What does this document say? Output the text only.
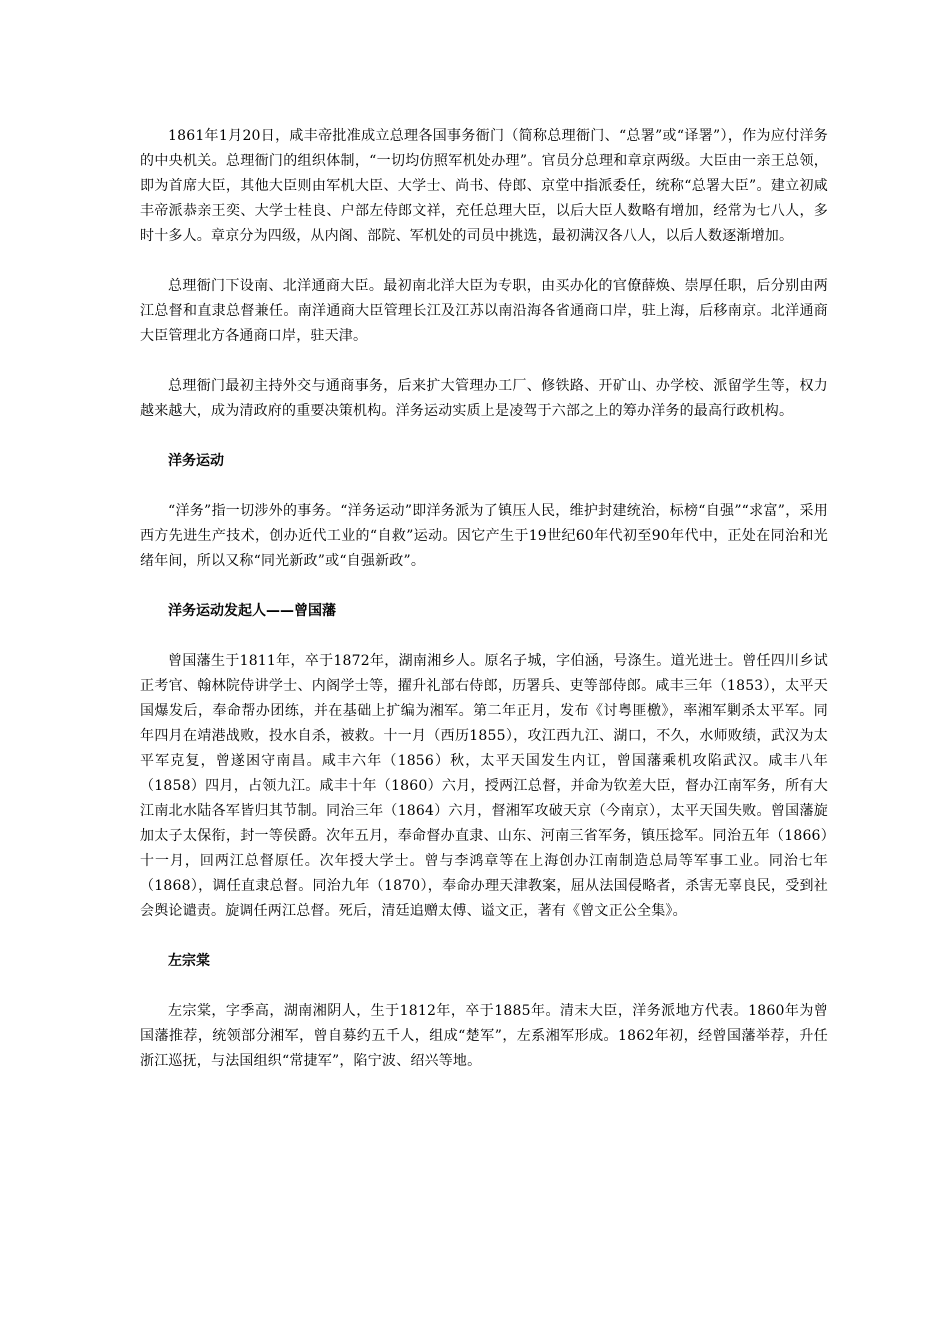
1861年1月20日，咸丰帝批准成立总理各国事务衙门（简称总理衙门、“总署”或“译署”），作为应付洋务的中央机关。总理衙门的组织体制，“一切均仿照军机处办理”。官员分总理和章京两级。大臣由一亲王总领，即为首席大臣，其他大臣则由军机大臣、大学士、尚书、侍郎、京堂中指派委任，统称“总署大臣”。建立初咸丰帝派恭亲王奕、大学士桂良、户部左侍郎文祥，充任总理大臣，以后大臣人数略有增加，经常为七八人，多时十多人。章京分为四级，从内阁、部院、军机处的司员中挑选，最初满汉各八人，以后人数逐渐增加。

总理衙门下设南、北洋通商大臣。最初南北洋大臣为专职，由买办化的官僚薛焕、崇厚任职，后分别由两江总督和直隶总督兼任。南洋通商大臣管理长江及江苏以南沿海各省通商口岸，驻上海，后移南京。北洋通商大臣管理北方各通商口岸，驻天津。

总理衙门最初主持外交与通商事务，后来扩大管理办工厂、修铁路、开矿山、办学校、派留学生等，权力越来越大，成为清政府的重要决策机构。洋务运动实质上是凌驾于六部之上的筹办洋务的最高行政机构。

洋务运动

“洋务”指一切涉外的事务。“洋务运动”即洋务派为了镇压人民，维护封建统治，标榜“自强”“求富”，采用西方先进生产技术，创办近代工业的“自救”运动。因它产生于19世纪60年代初至90年代中，正处在同治和光绪年间，所以又称“同光新政”或“自强新政”。

洋务运动发起人——曾国藩

曾国藩生于1811年，卒于1872年，湖南湘乡人。原名子城，字伯涵，号涤生。道光进士。曾任四川乡试正考官、翰林院侍讲学士、内阁学士等，擢升礼部右侍郎，历署兵、吏等部侍郎。咸丰三年（1853），太平天国爆发后，奉命帮办团练，并在基础上扩编为湘军。第二年正月，发布《讨粤匪檄》，率湘军剿杀太平军。同年四月在靖港战败，投水自杀，被救。十一月（西历1855），攻江西九江、湖口，不久，水师败绩，武汉为太平军克复，曾遂困守南昌。咸丰六年（1856）秋，太平天国发生内讧，曾国藩乘机攻陷武汉。咸丰八年（1858）四月，占领九江。咸丰十年（1860）六月，授两江总督，并命为钦差大臣，督办江南军务，所有大江南北水陆各军皆归其节制。同治三年（1864）六月，督湘军攻破天京（今南京），太平天国失败。曾国藩旋加太子太保衔，封一等侯爵。次年五月，奉命督办直隶、山东、河南三省军务，镇压捻军。同治五年（1866）十一月，回两江总督原任。次年授大学士。曾与李鸿章等在上海创办江南制造总局等军事工业。同治七年（1868），调任直隶总督。同治九年（1870），奉命办理天津教案，屈从法国侵略者，杀害无辜良民，受到社会舆论谴责。旋调任两江总督。死后，清廷追赠太傅、谥文正，著有《曾文正公全集》。

左宗棠

左宗棠，字季高，湖南湘阴人，生于1812年，卒于1885年。清末大臣，洋务派地方代表。1860年为曾国藩推荐，统领部分湘军，曾自募约五千人，组成“楚军”，左系湘军形成。1862年初，经曾国藩举荐，升任浙江巡抚，与法国组织“常捷军”，陷宁波、绍兴等地。
